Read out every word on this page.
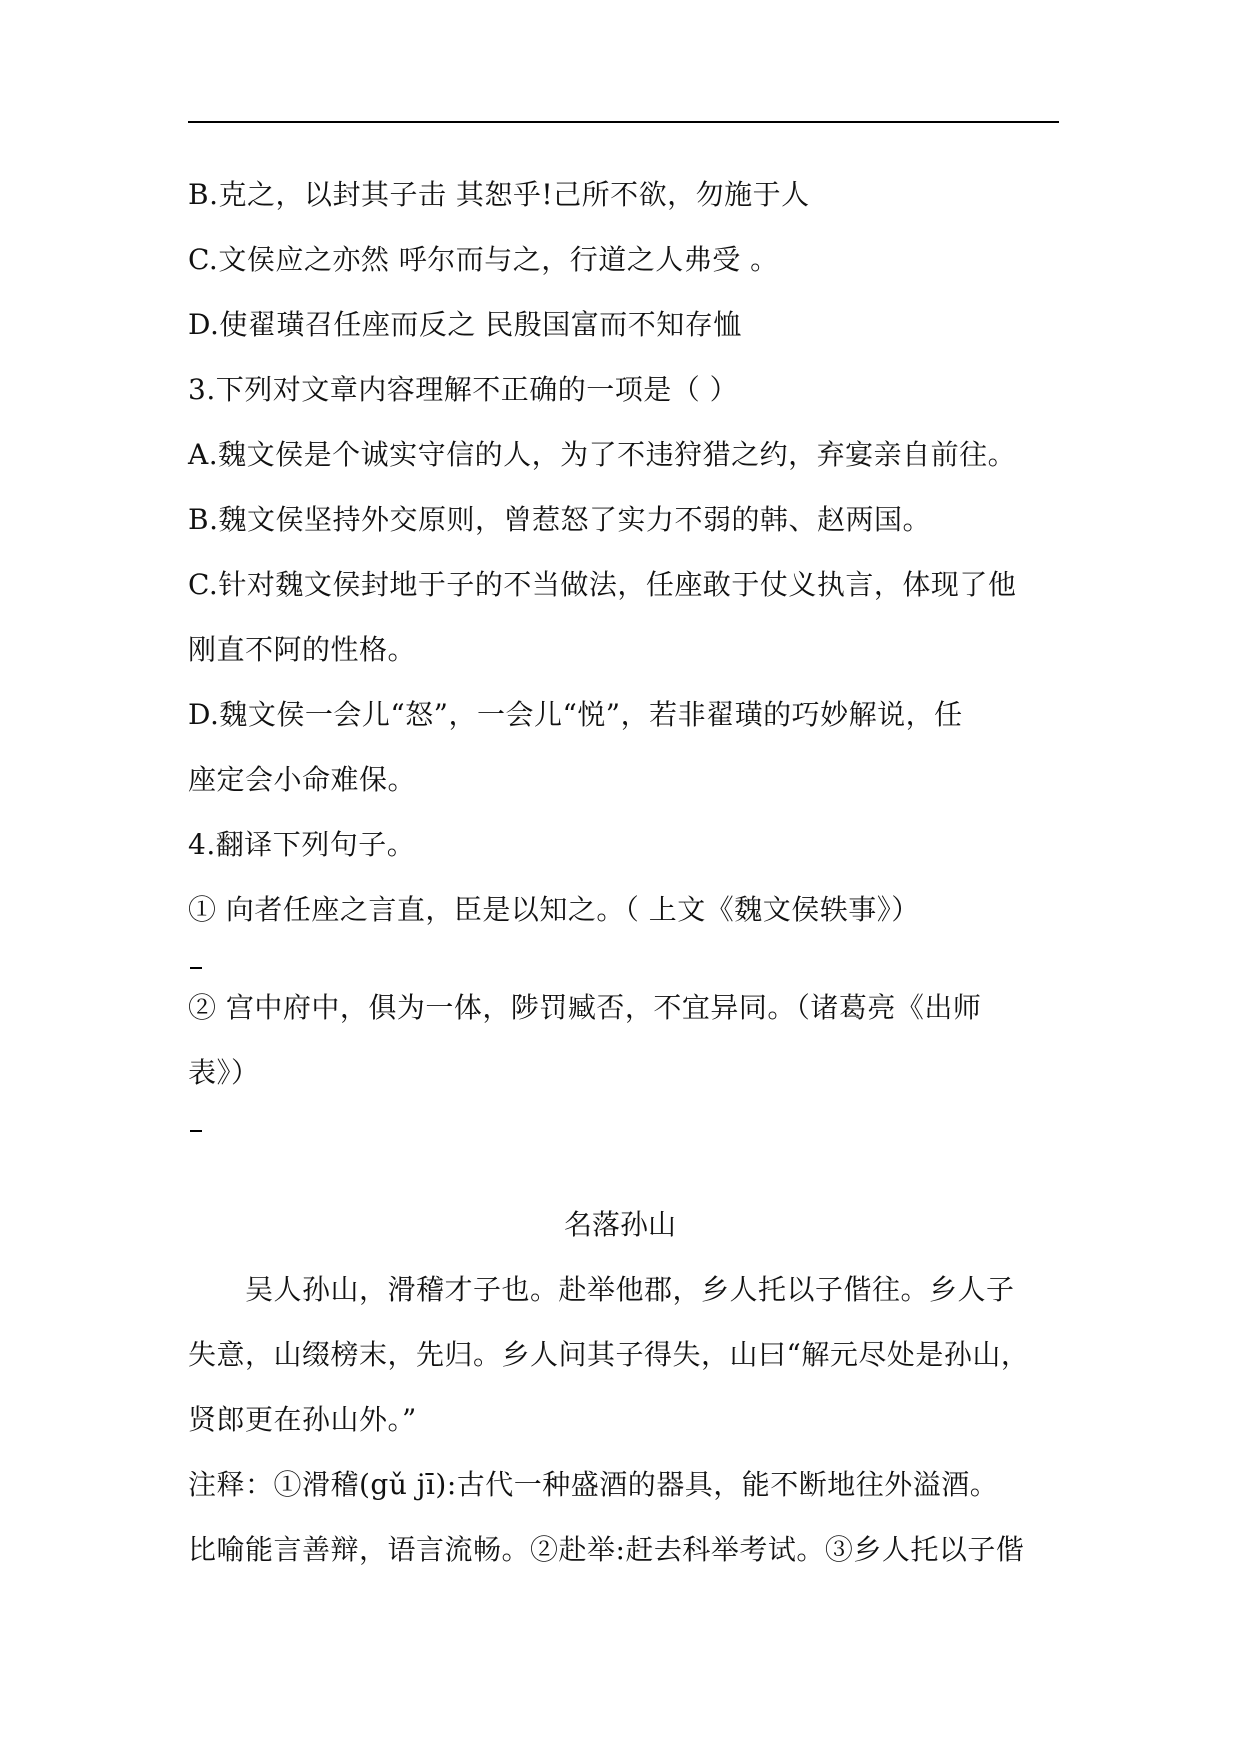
B.克之，以封其子击 其恕乎!己所不欲，勿施于人
C.文侯应之亦然 呼尔而与之，行道之人弗受 。
D.使翟璜召任座而反之 民殷国富而不知存恤
3.下列对文章内容理解不正确的一项是（ ）
A.魏文侯是个诚实守信的人，为了不违狩猎之约，弃宴亲自前往。
B.魏文侯坚持外交原则，曾惹怒了实力不弱的韩、赵两国。
C.针对魏文侯封地于子的不当做法，任座敢于仗义执言，体现了他
刚直不阿的性格。
D.魏文侯一会儿“怒”，一会儿“悦”，若非翟璜的巧妙解说，任
座定会小命难保。
4.翻译下列句子。
① 向者任座之言直，臣是以知之。（ 上文《魏文侯轶事》）
② 宫中府中，俱为一体，陟罚臧否，不宜异同。（诸葛亮《出师
表》）
名落孙山
吴人孙山，滑稽才子也。赴举他郡，乡人托以子偕往。乡人子
失意，山缀榜末，先归。乡人问其子得失，山曰“解元尽处是孙山，
贤郎更在孙山外。”
注释：①滑稽(gǔ jī):古代一种盛酒的器具，能不断地往外溢酒。
比喻能言善辩，语言流畅。②赴举:赶去科举考试。③乡人托以子偕
